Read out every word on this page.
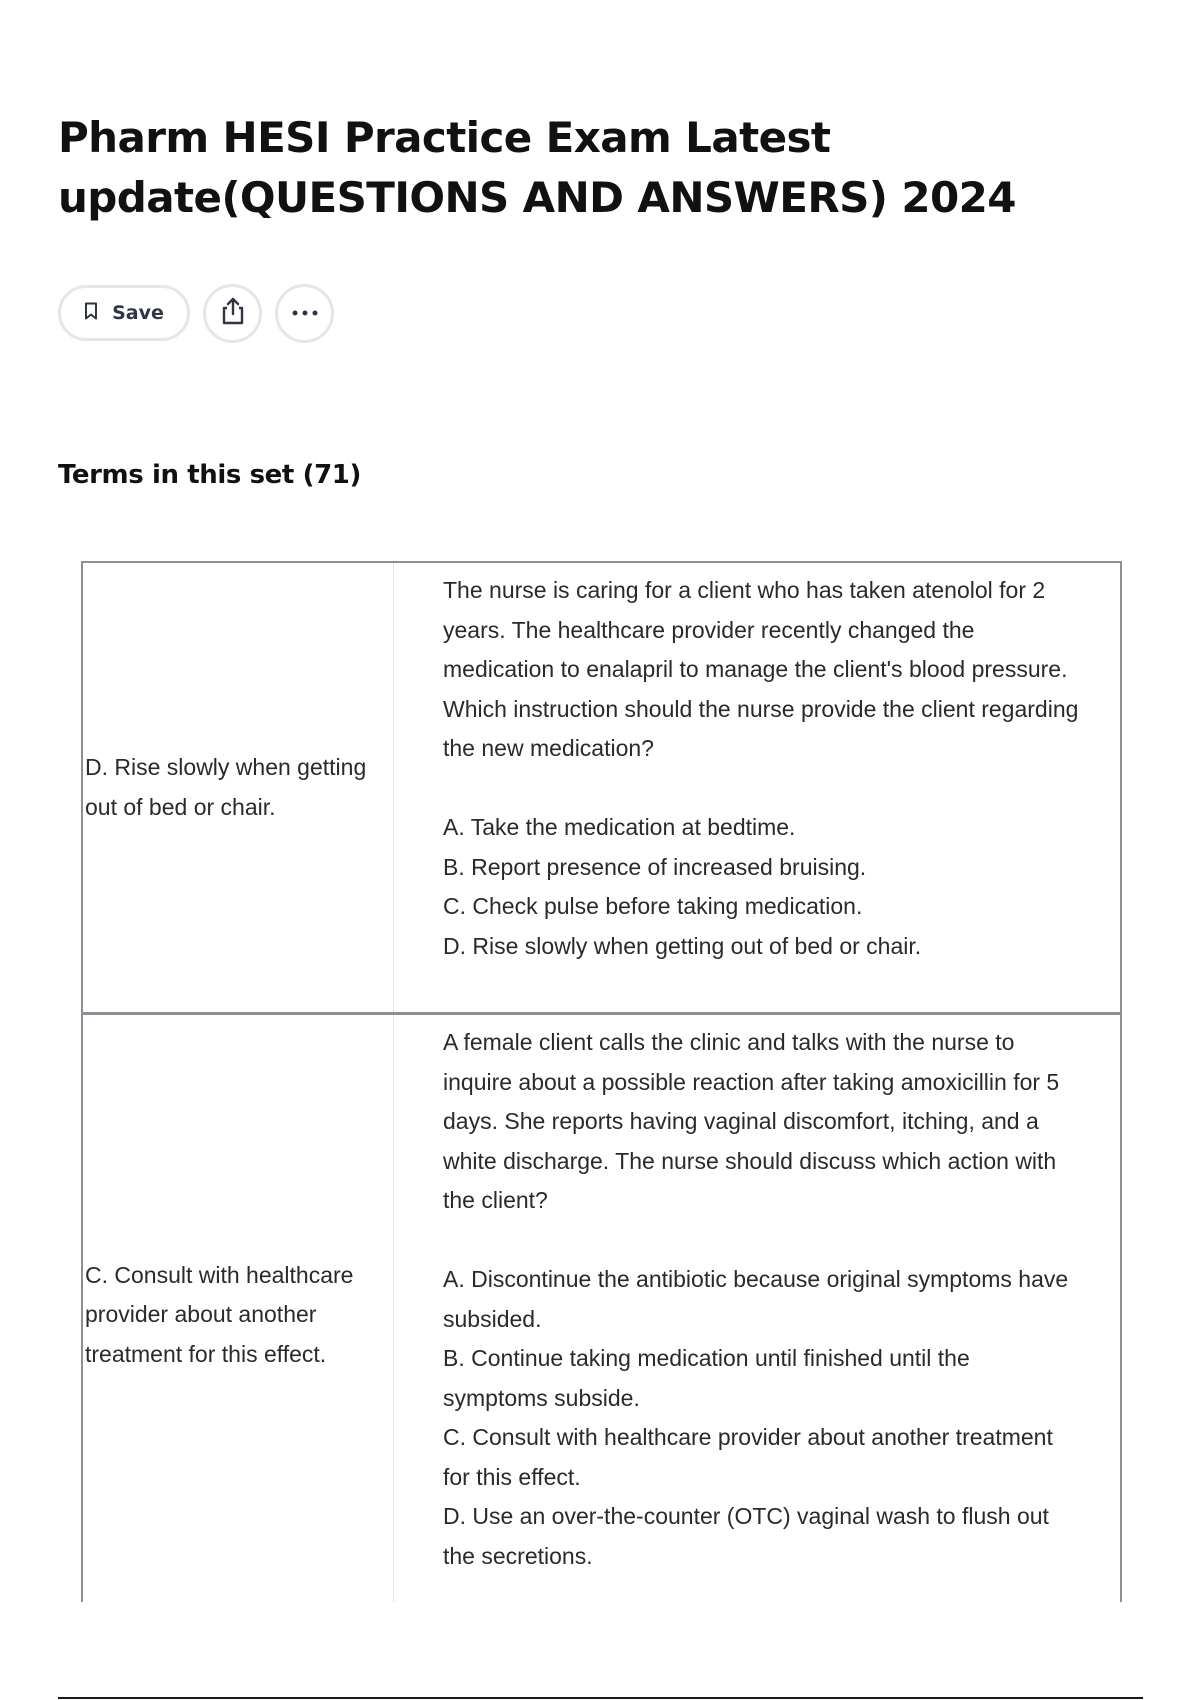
Pharm HESI Practice Exam Latest update(QUESTIONS AND ANSWERS) 2024
Save
Terms in this set (71)
D. Rise slowly when getting out of bed or chair.

The nurse is caring for a client who has taken atenolol for 2 years. The healthcare provider recently changed the medication to enalapril to manage the client's blood pressure. Which instruction should the nurse provide the client regarding the new medication?

A. Take the medication at bedtime.

B. Report presence of increased bruising.

C. Check pulse before taking medication.

D. Rise slowly when getting out of bed or chair.

C. Consult with healthcare provider about another treatment for this effect.

A female client calls the clinic and talks with the nurse to inquire about a possible reaction after taking amoxicillin for 5 days. She reports having vaginal discomfort, itching, and a white discharge. The nurse should discuss which action with the client?

A. Discontinue the antibiotic because original symptoms have subsided.

B. Continue taking medication until finished until the symptoms subside.

C. Consult with healthcare provider about another treatment for this effect.

D. Use an over-the-counter (OTC) vaginal wash to flush out the secretions.
